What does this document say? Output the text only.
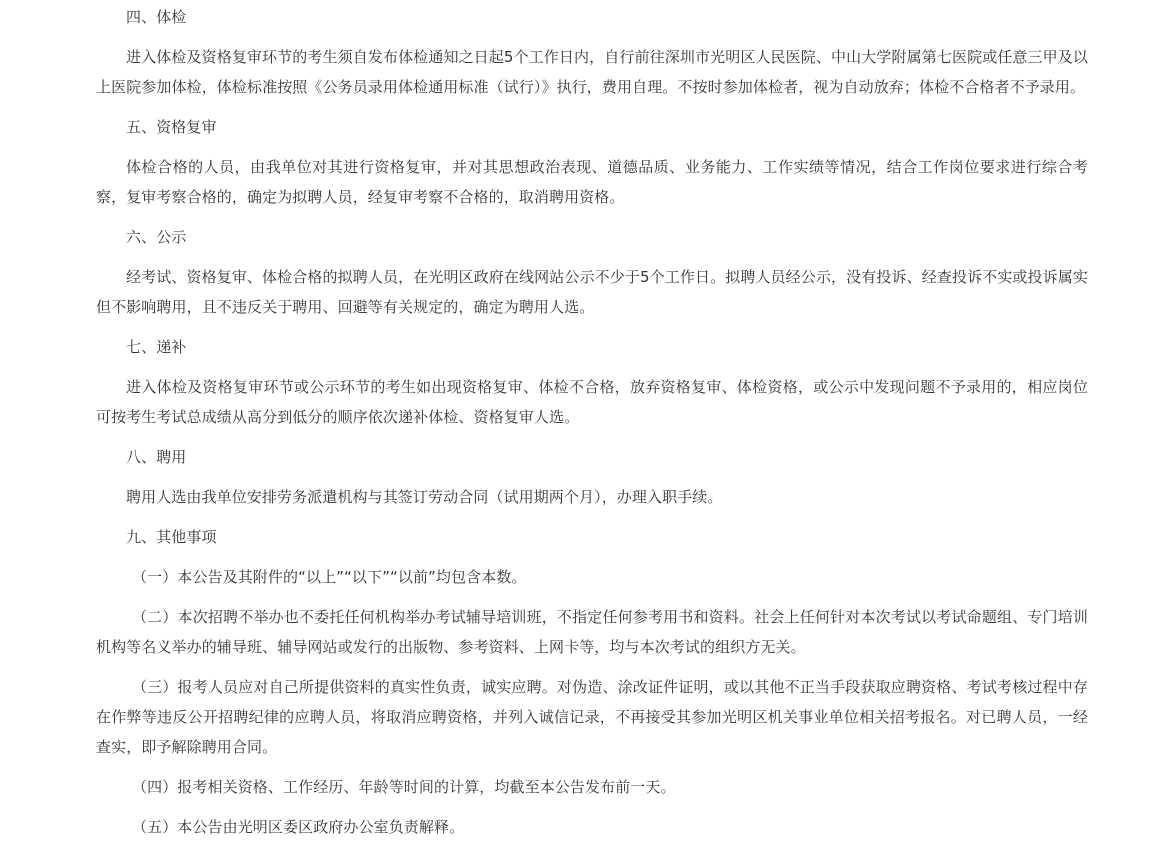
四、体检

进入体检及资格复审环节的考生须自发布体检通知之日起5个工作日内，自行前往深圳市光明区人民医院、中山大学附属第七医院或任意三甲及以上医院参加体检，体检标准按照《公务员录用体检通用标准（试行）》执行，费用自理。不按时参加体检者，视为自动放弃；体检不合格者不予录用。

五、资格复审

体检合格的人员，由我单位对其进行资格复审，并对其思想政治表现、道德品质、业务能力、工作实绩等情况，结合工作岗位要求进行综合考察，复审考察合格的，确定为拟聘人员，经复审考察不合格的，取消聘用资格。

六、公示

经考试、资格复审、体检合格的拟聘人员，在光明区政府在线网站公示不少于5个工作日。拟聘人员经公示，没有投诉、经查投诉不实或投诉属实但不影响聘用，且不违反关于聘用、回避等有关规定的，确定为聘用人选。

七、递补

进入体检及资格复审环节或公示环节的考生如出现资格复审、体检不合格，放弃资格复审、体检资格，或公示中发现问题不予录用的，相应岗位可按考生考试总成绩从高分到低分的顺序依次递补体检、资格复审人选。

八、聘用

聘用人选由我单位安排劳务派遣机构与其签订劳动合同（试用期两个月），办理入职手续。

九、其他事项

（一）本公告及其附件的“以上”“以下”“以前”均包含本数。

（二）本次招聘不举办也不委托任何机构举办考试辅导培训班，不指定任何参考用书和资料。社会上任何针对本次考试以考试命题组、专门培训机构等名义举办的辅导班、辅导网站或发行的出版物、参考资料、上网卡等，均与本次考试的组织方无关。

（三）报考人员应对自己所提供资料的真实性负责，诚实应聘。对伪造、涂改证件证明，或以其他不正当手段获取应聘资格、考试考核过程中存在作弊等违反公开招聘纪律的应聘人员，将取消应聘资格，并列入诚信记录，不再接受其参加光明区机关事业单位相关招考报名。对已聘人员，一经查实，即予解除聘用合同。

（四）报考相关资格、工作经历、年龄等时间的计算，均截至本公告发布前一天。

（五）本公告由光明区委区政府办公室负责解释。
